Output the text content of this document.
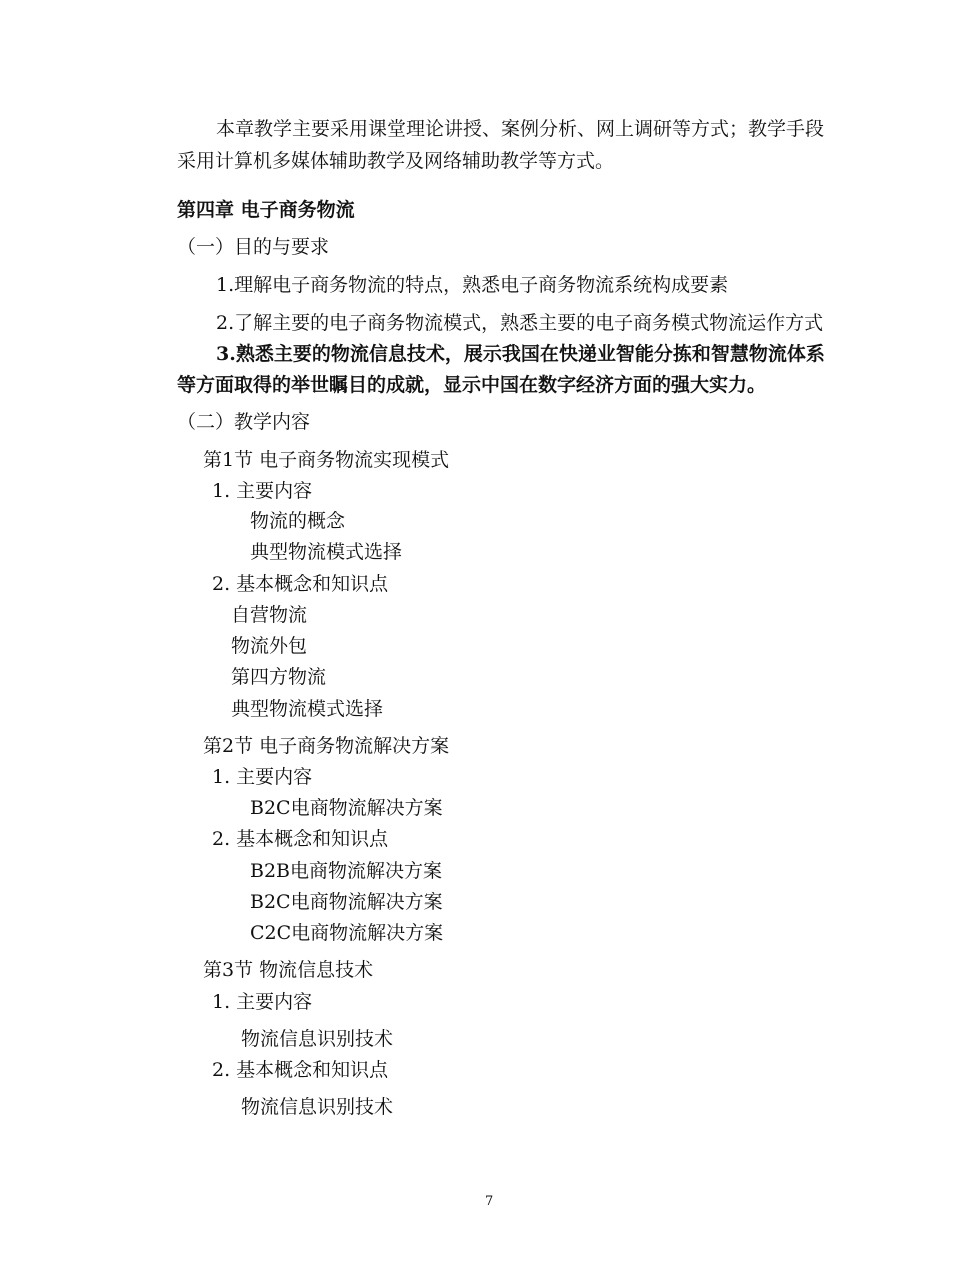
本章教学主要采用课堂理论讲授、案例分析、网上调研等方式；教学手段
采用计算机多媒体辅助教学及网络辅助教学等方式。
第四章 电子商务物流
（一）目的与要求
1.理解电子商务物流的特点，熟悉电子商务物流系统构成要素
2.了解主要的电子商务物流模式，熟悉主要的电子商务模式物流运作方式
3.熟悉主要的物流信息技术，展示我国在快递业智能分拣和智慧物流体系
等方面取得的举世瞩目的成就，显示中国在数字经济方面的强大实力。
（二）教学内容
第1节 电子商务物流实现模式
1. 主要内容
物流的概念
典型物流模式选择
2. 基本概念和知识点
自营物流
物流外包
第四方物流
典型物流模式选择
第2节 电子商务物流解决方案
1. 主要内容
B2C电商物流解决方案
2. 基本概念和知识点
B2B电商物流解决方案
B2C电商物流解决方案
C2C电商物流解决方案
第3节 物流信息技术
1. 主要内容
物流信息识别技术
2. 基本概念和知识点
物流信息识别技术
7
